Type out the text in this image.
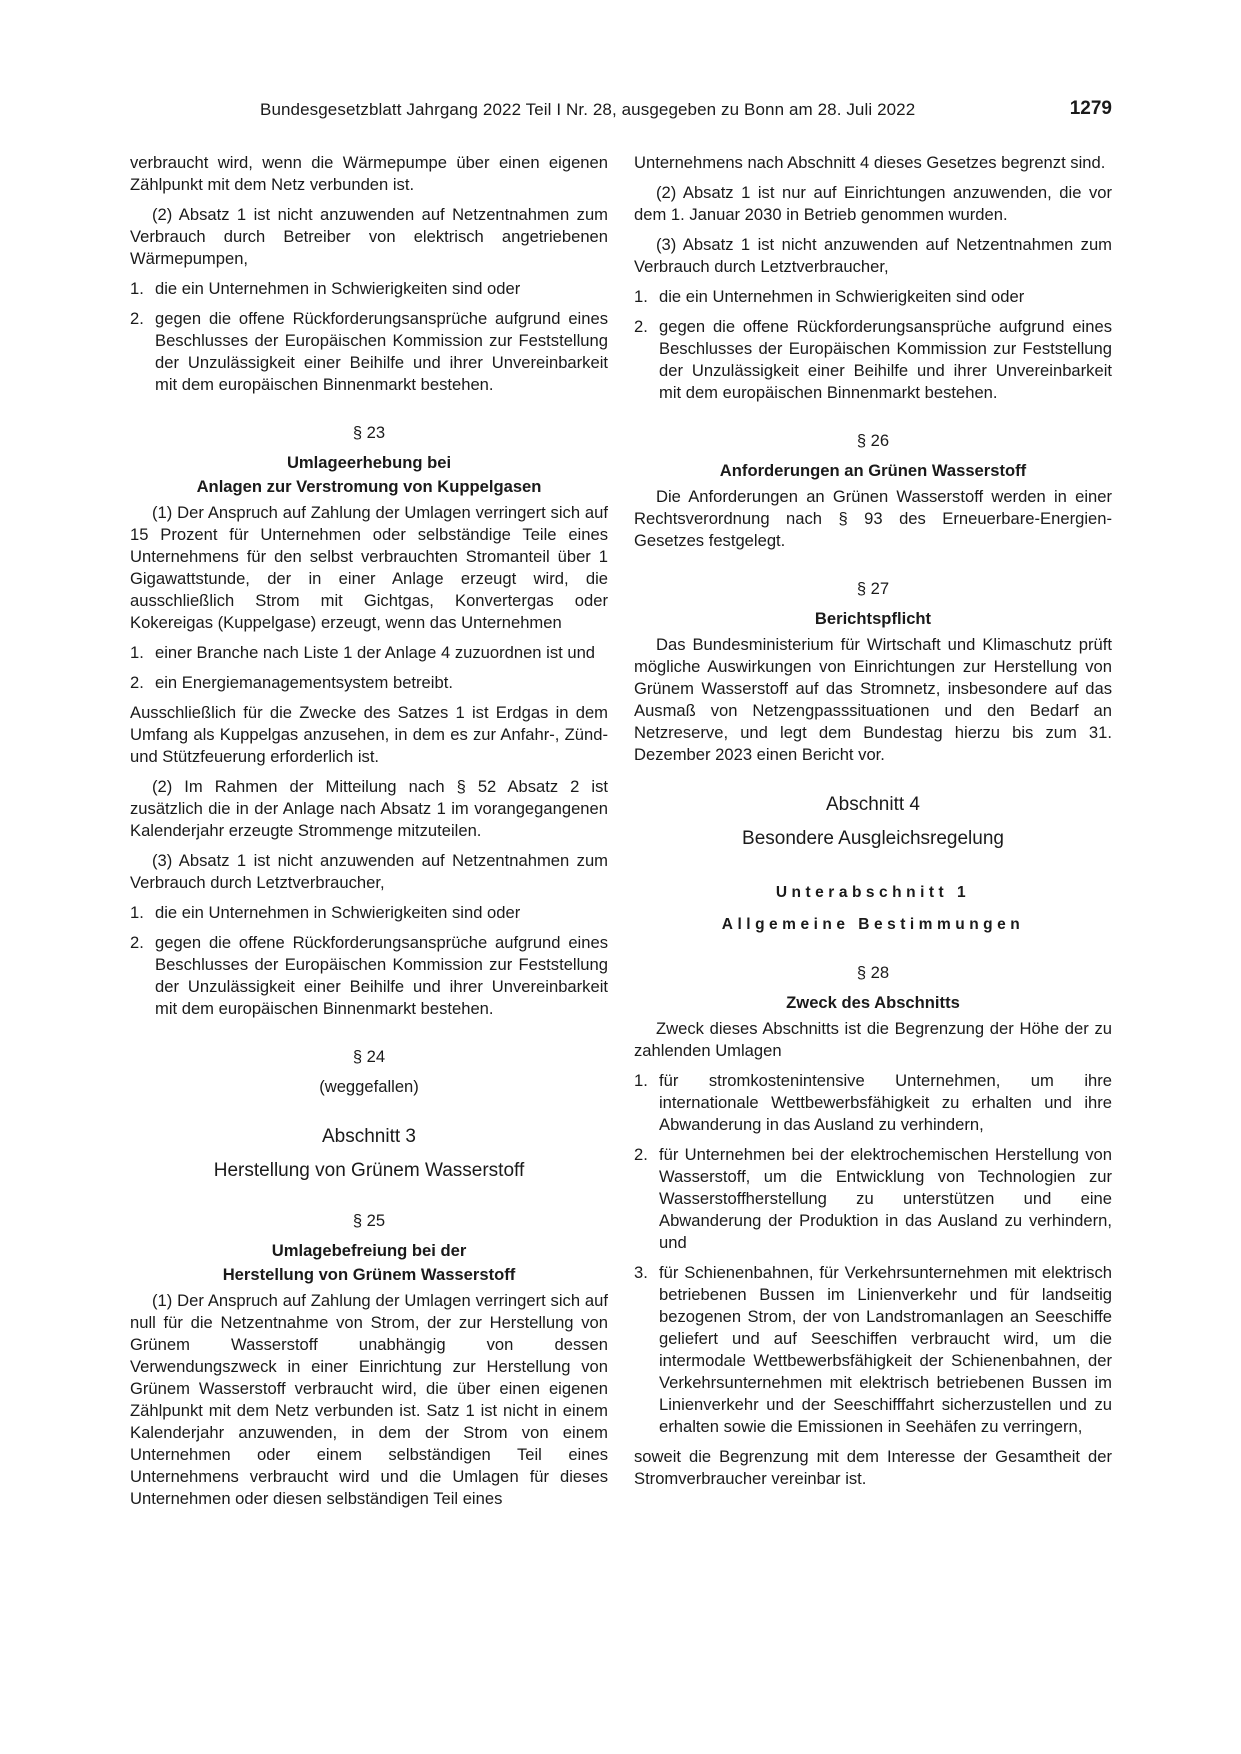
Bundesgesetzblatt Jahrgang 2022 Teil I Nr. 28, ausgegeben zu Bonn am 28. Juli 2022	1279

verbraucht wird, wenn die Wärmepumpe über einen eigenen Zählpunkt mit dem Netz verbunden ist.

(2) Absatz 1 ist nicht anzuwenden auf Netzentnahmen zum Verbrauch durch Betreiber von elektrisch angetriebenen Wärmepumpen,

1. die ein Unternehmen in Schwierigkeiten sind oder
2. gegen die offene Rückforderungsansprüche aufgrund eines Beschlusses der Europäischen Kommission zur Feststellung der Unzulässigkeit einer Beihilfe und ihrer Unvereinbarkeit mit dem europäischen Binnenmarkt bestehen.
§ 23
Umlageerhebung bei
Anlagen zur Verstromung von Kuppelgasen

(1) Der Anspruch auf Zahlung der Umlagen verringert sich auf 15 Prozent für Unternehmen oder selbständige Teile eines Unternehmens für den selbst verbrauchten Stromanteil über 1 Gigawattstunde, der in einer Anlage erzeugt wird, die ausschließlich Strom mit Gichtgas, Konvertergas oder Kokereigas (Kuppelgase) erzeugt, wenn das Unternehmen

1. einer Branche nach Liste 1 der Anlage 4 zuzuordnen ist und
2. ein Energiemanagementsystem betreibt.

Ausschließlich für die Zwecke des Satzes 1 ist Erdgas in dem Umfang als Kuppelgas anzusehen, in dem es zur Anfahr-, Zünd- und Stützfeuerung erforderlich ist.

(2) Im Rahmen der Mitteilung nach § 52 Absatz 2 ist zusätzlich die in der Anlage nach Absatz 1 im vorangegangenen Kalenderjahr erzeugte Strommenge mitzuteilen.

(3) Absatz 1 ist nicht anzuwenden auf Netzentnahmen zum Verbrauch durch Letztverbraucher,

1. die ein Unternehmen in Schwierigkeiten sind oder
2. gegen die offene Rückforderungsansprüche aufgrund eines Beschlusses der Europäischen Kommission zur Feststellung der Unzulässigkeit einer Beihilfe und ihrer Unvereinbarkeit mit dem europäischen Binnenmarkt bestehen.
§ 24
(weggefallen)
Abschnitt 3
Herstellung von Grünem Wasserstoff
§ 25
Umlagebefreiung bei der
Herstellung von Grünem Wasserstoff

(1) Der Anspruch auf Zahlung der Umlagen verringert sich auf null für die Netzentnahme von Strom, der zur Herstellung von Grünem Wasserstoff unabhängig von dessen Verwendungszweck in einer Einrichtung zur Herstellung von Grünem Wasserstoff verbraucht wird, die über einen eigenen Zählpunkt mit dem Netz verbunden ist. Satz 1 ist nicht in einem Kalenderjahr anzuwenden, in dem der Strom von einem Unternehmen oder einem selbständigen Teil eines Unternehmens verbraucht wird und die Umlagen für dieses Unternehmen oder diesen selbständigen Teil eines

Unternehmens nach Abschnitt 4 dieses Gesetzes begrenzt sind.

(2) Absatz 1 ist nur auf Einrichtungen anzuwenden, die vor dem 1. Januar 2030 in Betrieb genommen wurden.

(3) Absatz 1 ist nicht anzuwenden auf Netzentnahmen zum Verbrauch durch Letztverbraucher,

1. die ein Unternehmen in Schwierigkeiten sind oder
2. gegen die offene Rückforderungsansprüche aufgrund eines Beschlusses der Europäischen Kommission zur Feststellung der Unzulässigkeit einer Beihilfe und ihrer Unvereinbarkeit mit dem europäischen Binnenmarkt bestehen.
§ 26
Anforderungen an Grünen Wasserstoff

Die Anforderungen an Grünen Wasserstoff werden in einer Rechtsverordnung nach § 93 des Erneuerbare-Energien-Gesetzes festgelegt.

§ 27
Berichtspflicht

Das Bundesministerium für Wirtschaft und Klimaschutz prüft mögliche Auswirkungen von Einrichtungen zur Herstellung von Grünem Wasserstoff auf das Stromnetz, insbesondere auf das Ausmaß von Netzengpasssituationen und den Bedarf an Netzreserve, und legt dem Bundestag hierzu bis zum 31. Dezember 2023 einen Bericht vor.

Abschnitt 4
Besondere Ausgleichsregelung
Unterabschnitt 1
Allgemeine Bestimmungen
§ 28
Zweck des Abschnitts

Zweck dieses Abschnitts ist die Begrenzung der Höhe der zu zahlenden Umlagen

1. für stromkostenintensive Unternehmen, um ihre internationale Wettbewerbsfähigkeit zu erhalten und ihre Abwanderung in das Ausland zu verhindern,
2. für Unternehmen bei der elektrochemischen Herstellung von Wasserstoff, um die Entwicklung von Technologien zur Wasserstoffherstellung zu unterstützen und eine Abwanderung der Produktion in das Ausland zu verhindern, und
3. für Schienenbahnen, für Verkehrsunternehmen mit elektrisch betriebenen Bussen im Linienverkehr und für landseitig bezogenen Strom, der von Landstromanlagen an Seeschiffe geliefert und auf Seeschiffen verbraucht wird, um die intermodale Wettbewerbsfähigkeit der Schienenbahnen, der Verkehrsunternehmen mit elektrisch betriebenen Bussen im Linienverkehr und der Seeschifffahrt sicherzustellen und zu erhalten sowie die Emissionen in Seehäfen zu verringern,

soweit die Begrenzung mit dem Interesse der Gesamtheit der Stromverbraucher vereinbar ist.
